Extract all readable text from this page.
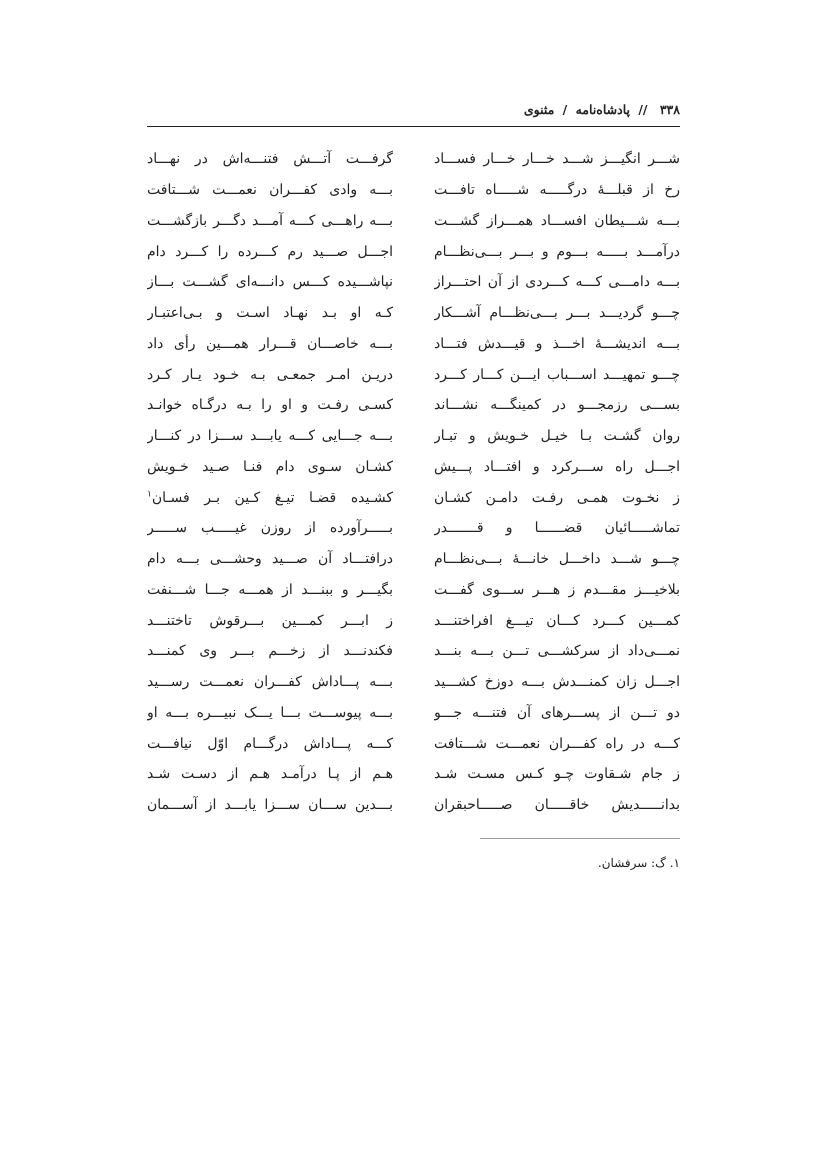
۳۳۸ // پادشاه‌نامه / مثنوی
شـــر انگیـــز شـــد خـــار خـــار فســـاد
رخ از قبلـــهٔ درگـــــه شـــــاه تافـــت
بـــه شـــیطان افســـاد همـــراز گشـــت
درآمـــد بـــــه بـــوم و بـــر بـــی‌نظـــام
بـــه دامـــی کـــه کـــردی از آن احتـــراز
چـــو گردیـــد بـــر بـــی‌نظـــام آشـــکار
بـــه اندیشـــهٔ اخـــذ و قیـــدش فتـــاد
چـــو تمهیـــد اســـباب ایـــن کـــار کـــرد
بســـی رزمجـــو در کمینگـــه نشـــاند
روان گشـت بـا خیـل خـویش و تبـار
اجـــل راه ســـرکرد و افتـــاد پـــیش
ز نخـوت همـی رفـت دامـن کشـان
تماشـــــائیان قضــــــا و قـــــــدر
چـــو شـــد داخـــل خانـــهٔ بـــی‌نظـــام
بلاخیـــز مقـــدم ز هـــر ســـوی گفـــت
کمـــین کـــرد کـــان تیـــغ افراختنـــد
نمـــی‌داد از سرکشـــی تـــن بـــه بنـــد
اجـــل زان کمنـــدش بـــه دوزخ کشـــید
دو تـــن از پســـرهای آن فتنـــه جـــو
کـــه در راه کفـــران نعمـــت شـــتافت
ز جام شـقاوت چـو کـس مسـت شـد
بدانـــــدیش خاقـــــان صـــــاحبقران
گرفـــت آتـــش فتنـــه‌اش در نهـــاد
بـــه وادی کفـــران نعمـــت شـــتافت
بـــه راهـــی کـــه آمـــد دگـــر بازگشـــت
اجـــل صـــید رم کـــرده را کـــرد دام
نپاشـــیده کـــس دانـــه‌ای گشـــت بـــاز
کـه او بـد نهـاد اسـت و بـی‌اعتبـار
بـــه خاصـــان قـــرار همـــین رأی داد
دریـن امـر جمعـی بـه خـود یـار کـرد
کسـی رفـت و او را بـه درگـاه خوانـد
بـــه جـــایی کـــه یابـــد ســـزا در کنـــار
کشـان سـوی دام فنـا صـید خـویش
کشـیده قضـا تیـغ کـین بـر فسـان$^۱$
بـــــرآورده از روزن غیـــــب ســـــر
درافتـــاد آن صـــید وحشـــی بـــه دام
بگیـــر و ببنـــد از همـــه جـــا شـــنفت
ز ابـــر کمـــین بـــرقوش تاختنـــد
فکندنـــد از زخـــم بـــر وی کمنـــد
بـــه پـــاداش کفـــران نعمـــت رســـید
بـــه پیوســـت بـــا یـــک نبیـــره بـــه او
کـــه پـــاداش درگـــام اوّل نیافـــت
هـم از پـا درآمـد هـم از دسـت شـد
بـــدین ســـان ســـزا یابـــد از آســـمان
۱. گ: سرفشان.
